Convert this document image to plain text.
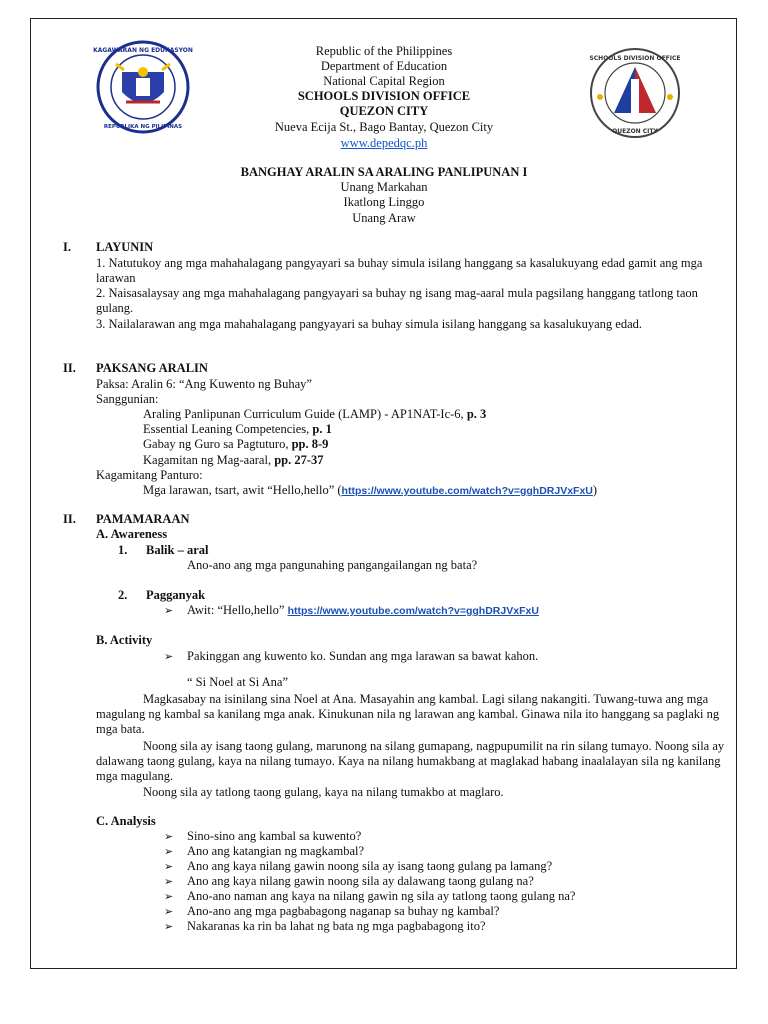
KAGAWARAN NG EDUKASYON
REPUBLIKA NG PILIPINAS
SCHOOLS DIVISION OFFICE
QUEZON CITY
Republic of the Philippines
Department of Education
National Capital Region
SCHOOLS DIVISION OFFICE
QUEZON CITY
Nueva Ecija St., Bago Bantay, Quezon City
www.depedqc.ph
BANGHAY ARALIN SA ARALING PANLIPUNAN I
Unang Markahan
Ikatlong Linggo
Unang Araw
I. LAYUNIN
1. Natutukoy ang mga mahahalagang pangyayari sa buhay simula isilang hanggang sa kasalukuyang edad gamit ang mga larawan
2. Naisasalaysay ang mga mahahalagang pangyayari sa buhay ng isang mag-aaral mula pagsilang hanggang tatlong taon gulang.
3. Nailalarawan ang mga mahahalagang pangyayari sa buhay simula isilang hanggang sa kasalukuyang edad.
II. PAKSANG ARALIN
Paksa: Aralin 6: “Ang Kuwento ng Buhay”
Sanggunian:
Araling Panlipunan Curriculum Guide (LAMP) - AP1NAT-Ic-6, p. 3
Essential Leaning Competencies, p. 1
Gabay ng Guro sa Pagtuturo, pp. 8-9
Kagamitan ng Mag-aaral, pp. 27-37
Kagamitang Panturo:
Mga larawan, tsart, awit “Hello,hello” (https://www.youtube.com/watch?v=gghDRJVxFxU)
II. PAMAMARAAN
A. Awareness
1. Balik – aral
Ano-ano ang mga pangunahing pangangailangan ng bata?
2. Pagganyak
➢ Awit: “Hello,hello” https://www.youtube.com/watch?v=gghDRJVxFxU
B. Activity
➢ Pakinggan ang kuwento ko. Sundan ang mga larawan sa bawat kahon.
“ Si Noel at Si Ana”
Magkasabay na isinilang sina Noel at Ana. Masayahin ang kambal. Lagi silang nakangiti. Tuwang-tuwa ang mga magulang ng kambal sa kanilang mga anak. Kinukunan nila ng larawan ang kambal. Ginawa nila ito hanggang sa paglaki ng mga bata.
Noong sila ay isang taong gulang, marunong na silang gumapang, nagpupumilit na rin silang tumayo. Noong sila ay dalawang taong gulang, kaya na nilang tumayo. Kaya na nilang humakbang at maglakad habang inaalalayan sila ng kanilang mga magulang.
Noong sila ay tatlong taong gulang, kaya na nilang tumakbo at maglaro.
C. Analysis
➢ Sino-sino ang kambal sa kuwento?
➢ Ano ang katangian ng magkambal?
➢ Ano ang kaya nilang gawin noong sila ay isang taong gulang pa lamang?
➢ Ano ang kaya nilang gawin noong sila ay dalawang taong gulang na?
➢ Ano-ano naman ang kaya na nilang gawin ng sila ay tatlong taong gulang na?
➢ Ano-ano ang mga pagbabagong naganap sa buhay ng kambal?
➢ Nakaranas ka rin ba lahat ng bata ng mga pagbabagong ito?
